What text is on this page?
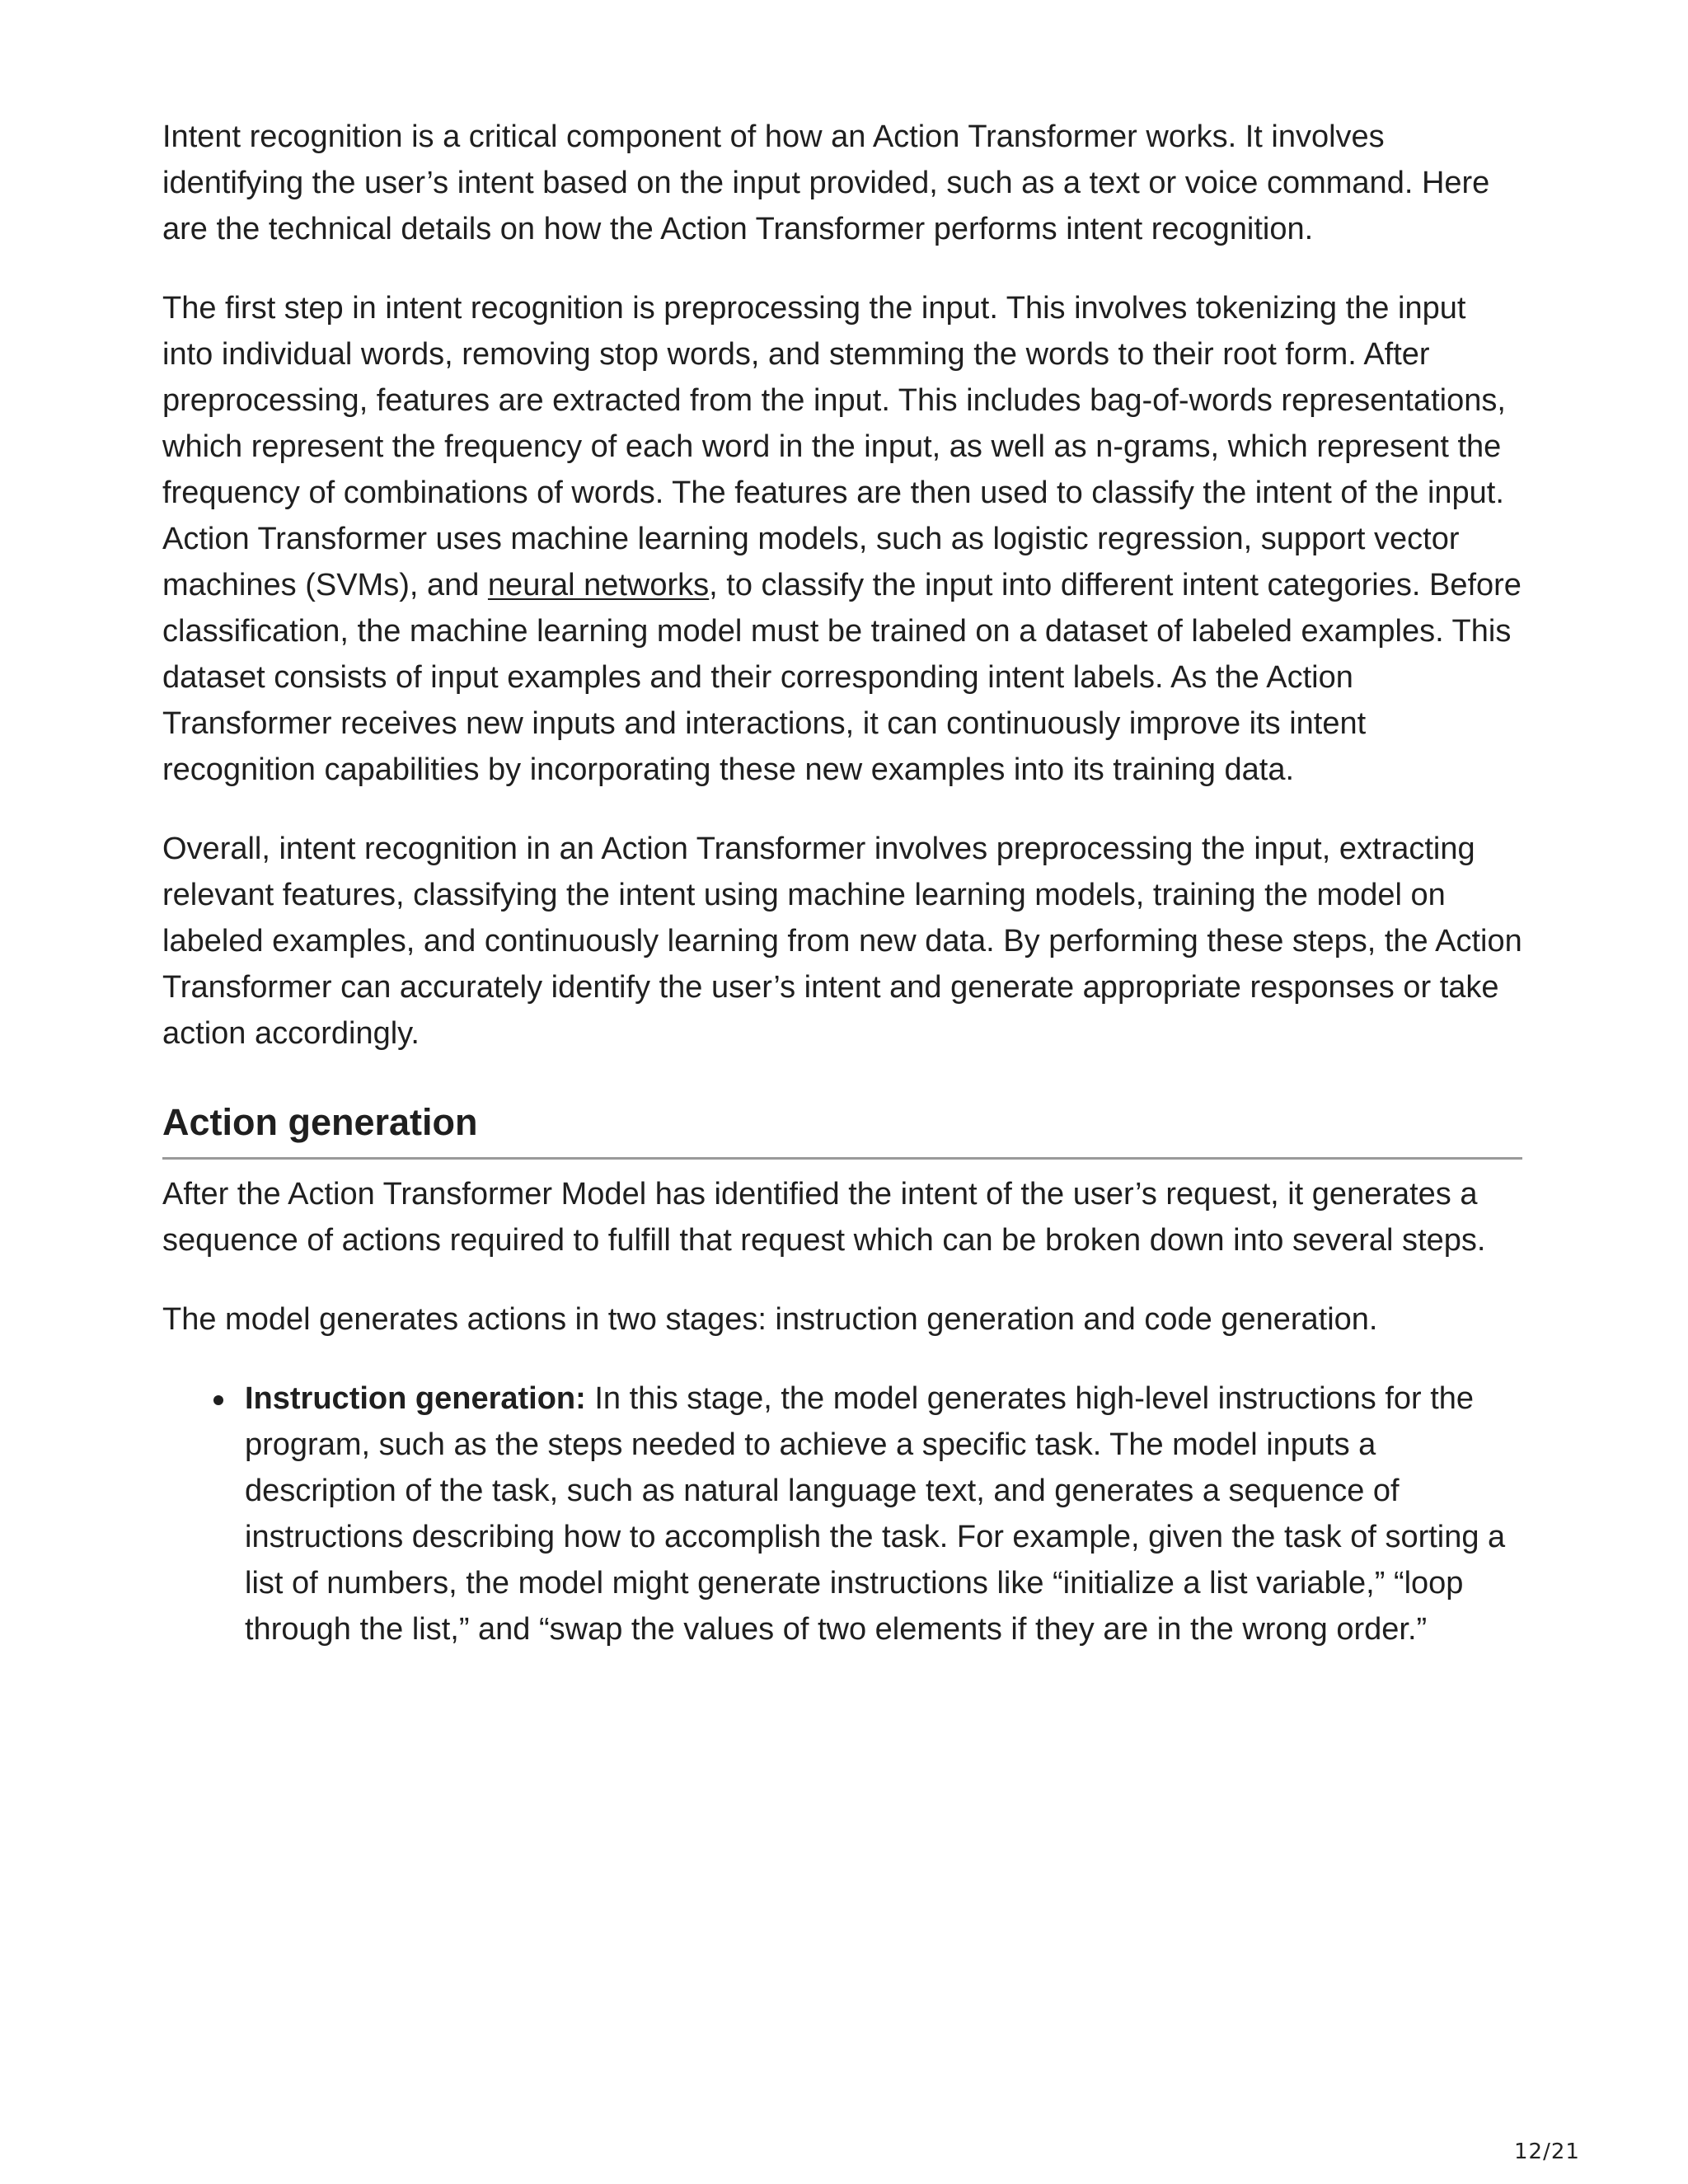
Intent recognition is a critical component of how an Action Transformer works. It involves identifying the user’s intent based on the input provided, such as a text or voice command. Here are the technical details on how the Action Transformer performs intent recognition.

The first step in intent recognition is preprocessing the input. This involves tokenizing the input into individual words, removing stop words, and stemming the words to their root form. After preprocessing, features are extracted from the input. This includes bag-of-words representations, which represent the frequency of each word in the input, as well as n-grams, which represent the frequency of combinations of words. The features are then used to classify the intent of the input. Action Transformer uses machine learning models, such as logistic regression, support vector machines (SVMs), and neural networks, to classify the input into different intent categories. Before classification, the machine learning model must be trained on a dataset of labeled examples. This dataset consists of input examples and their corresponding intent labels. As the Action Transformer receives new inputs and interactions, it can continuously improve its intent recognition capabilities by incorporating these new examples into its training data.

Overall, intent recognition in an Action Transformer involves preprocessing the input, extracting relevant features, classifying the intent using machine learning models, training the model on labeled examples, and continuously learning from new data. By performing these steps, the Action Transformer can accurately identify the user’s intent and generate appropriate responses or take action accordingly.

Action generation

After the Action Transformer Model has identified the intent of the user’s request, it generates a sequence of actions required to fulfill that request which can be broken down into several steps.

The model generates actions in two stages: instruction generation and code generation.

Instruction generation: In this stage, the model generates high-level instructions for the program, such as the steps needed to achieve a specific task. The model inputs a description of the task, such as natural language text, and generates a sequence of instructions describing how to accomplish the task. For example, given the task of sorting a list of numbers, the model might generate instructions like “initialize a list variable,” “loop through the list,” and “swap the values of two elements if they are in the wrong order.”
12/21
